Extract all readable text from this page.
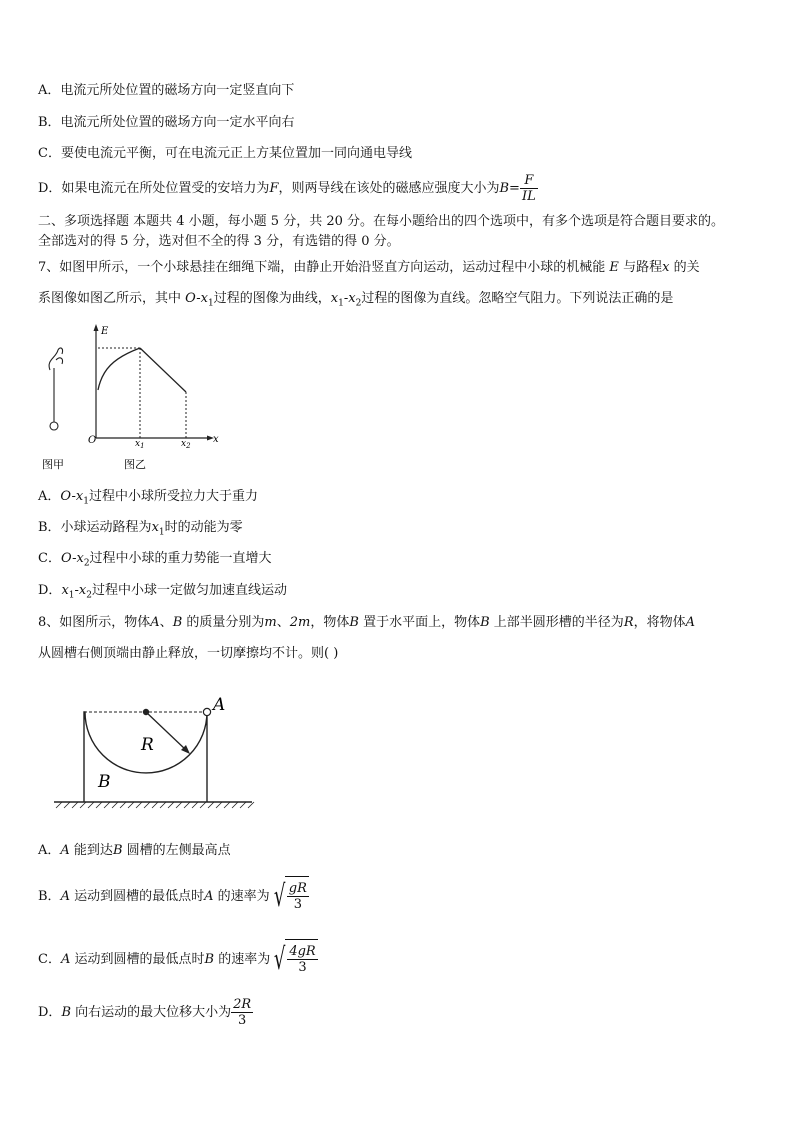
A．电流元所处位置的磁场方向一定竖直向下
B．电流元所处位置的磁场方向一定水平向右
C．要使电流元平衡，可在电流元正上方某位置加一同向通电导线
D．如果电流元在所处位置受的安培力为F，则两导线在该处的磁感应强度大小为$B= \frac{F}{IL}$
二、多项选择题 本题共 4 小题，每小题 5 分，共 20 分。在每小题给出的四个选项中，有多个选项是符合题目要求的。
全部选对的得 5 分，选对但不全的得 3 分，有选错的得 0 分。
7、如图甲所示，一个小球悬挂在细绳下端，由静止开始沿竖直方向运动，运动过程中小球的机械能 E 与路程x 的关
系图像如图乙所示，其中 $O-x_1$过程的图像为曲线，$x_1-x_2$过程的图像为直线。忽略空气阻力。下列说法正确的是
E
O	$x_1$	$x_2$
x
图甲	图乙
A．$O-x_1$过程中小球所受拉力大于重力
B．小球运动路程为$x_1$时的动能为零
C．$O-x_2$过程中小球的重力势能一直增大
D．$x_1-x_2$过程中小球一定做匀加速直线运动
8、如图所示，物体A、B 的质量分别为m、2m，物体B 置于水平面上，物体B 上部半圆形槽的半径为R，将物体A
从圆槽右侧顶端由静止释放，一切摩擦均不计。则( )
A
R
B
A．A 能到达B 圆槽的左侧最高点
B．A 运动到圆槽的最低点时A 的速率为 √ $\frac{gR}{3}$
C．A 运动到圆槽的最低点时B 的速率为 √ $\frac{4gR}{3}$
D．B 向右运动的最大位移大小为 $\frac{2R}{3}$
